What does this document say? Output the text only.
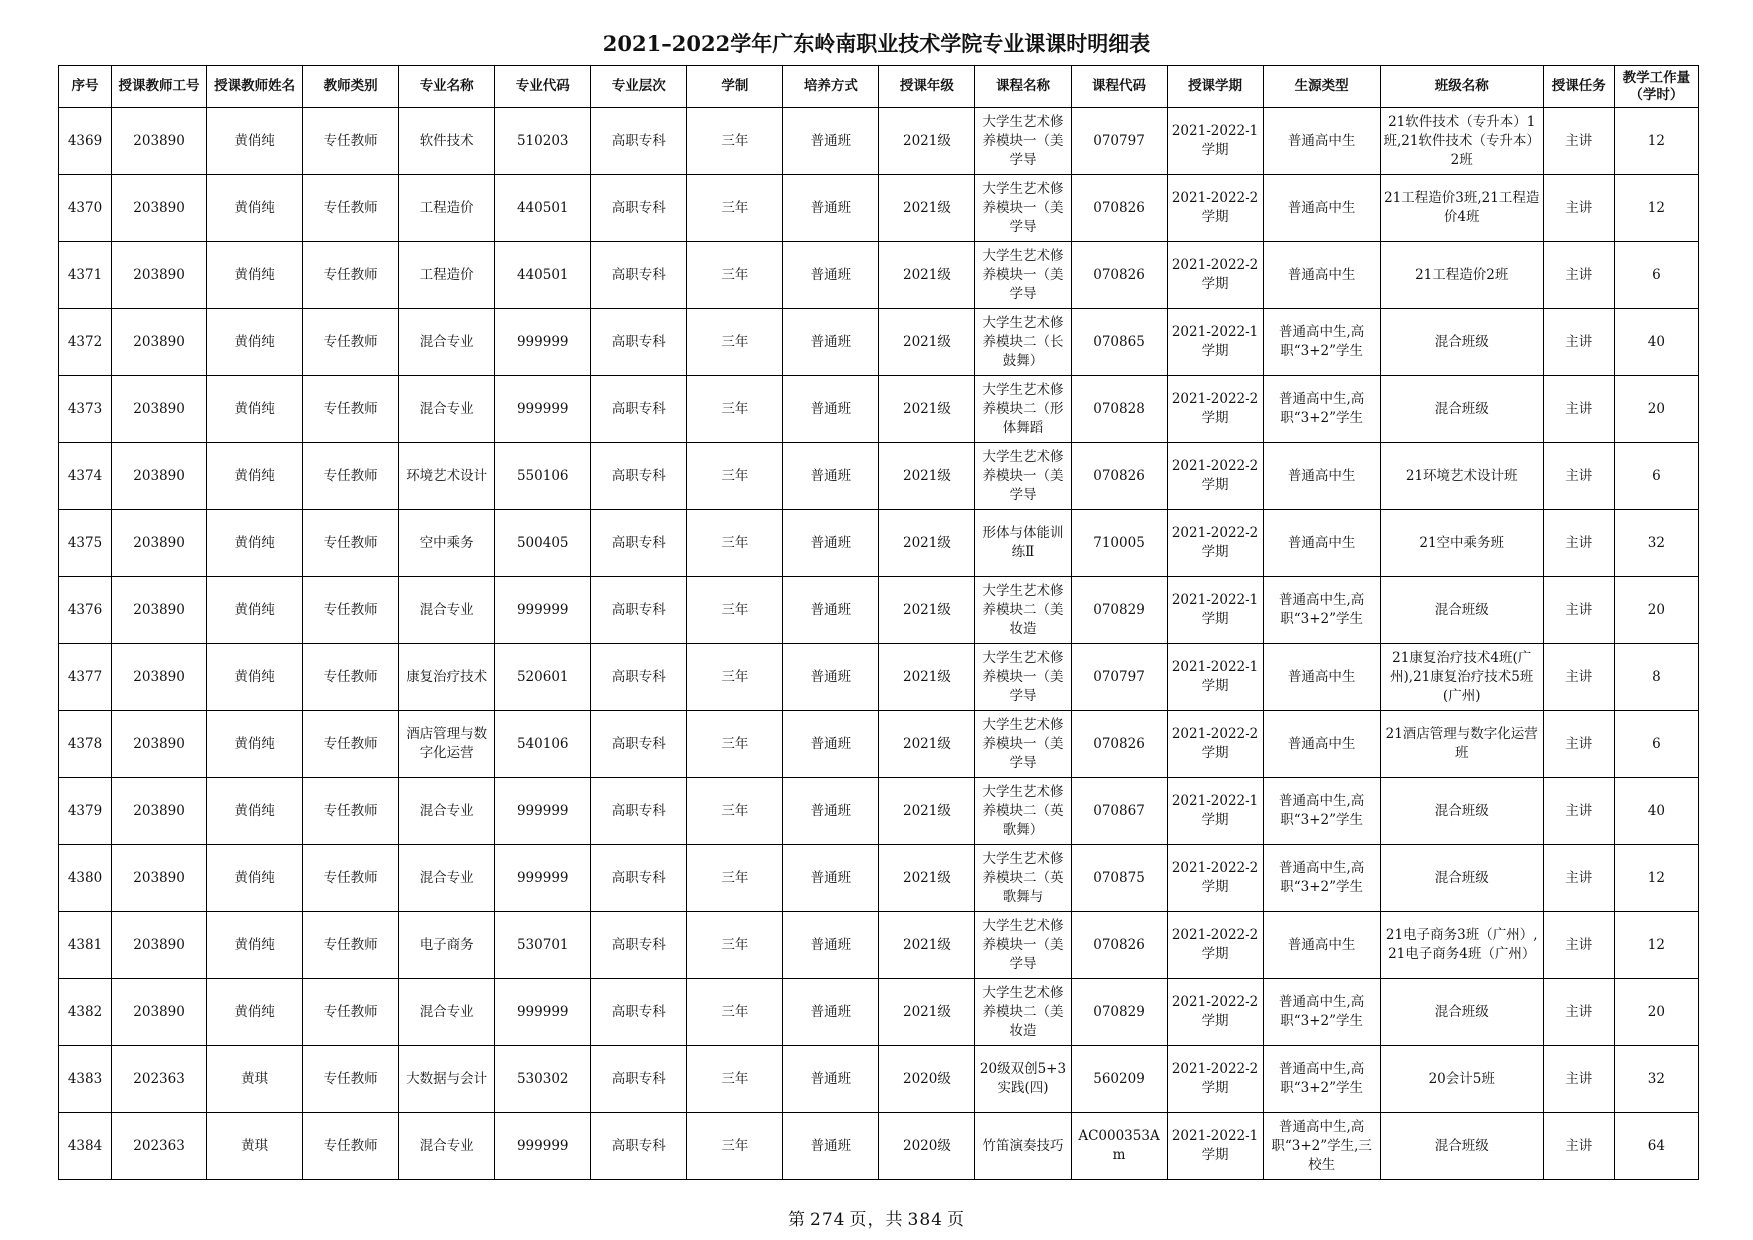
2021–2022学年广东岭南职业技术学院专业课课时明细表
序号	授课教师工号	授课教师姓名	教师类别	专业名称	专业代码	专业层次	学制	培养方式	授课年级	课程名称	课程代码	授课学期	生源类型	班级名称	授课任务	教学工作量（学时）
4369	203890	黄俏纯	专任教师	软件技术	510203	高职专科	三年	普通班	2021级	大学生艺术修养模块一（美学导	070797	2021-2022-1学期	普通高中生	21软件技术（专升本）1班,21软件技术（专升本）2班	主讲	12
4370	203890	黄俏纯	专任教师	工程造价	440501	高职专科	三年	普通班	2021级	大学生艺术修养模块一（美学导	070826	2021-2022-2学期	普通高中生	21工程造价3班,21工程造价4班	主讲	12
4371	203890	黄俏纯	专任教师	工程造价	440501	高职专科	三年	普通班	2021级	大学生艺术修养模块一（美学导	070826	2021-2022-2学期	普通高中生	21工程造价2班	主讲	6
4372	203890	黄俏纯	专任教师	混合专业	999999	高职专科	三年	普通班	2021级	大学生艺术修养模块二（长鼓舞）	070865	2021-2022-1学期	普通高中生,高职“3+2”学生	混合班级	主讲	40
4373	203890	黄俏纯	专任教师	混合专业	999999	高职专科	三年	普通班	2021级	大学生艺术修养模块二（形体舞蹈	070828	2021-2022-2学期	普通高中生,高职“3+2”学生	混合班级	主讲	20
4374	203890	黄俏纯	专任教师	环境艺术设计	550106	高职专科	三年	普通班	2021级	大学生艺术修养模块一（美学导	070826	2021-2022-2学期	普通高中生	21环境艺术设计班	主讲	6
4375	203890	黄俏纯	专任教师	空中乘务	500405	高职专科	三年	普通班	2021级	形体与体能训练Ⅱ	710005	2021-2022-2学期	普通高中生	21空中乘务班	主讲	32
4376	203890	黄俏纯	专任教师	混合专业	999999	高职专科	三年	普通班	2021级	大学生艺术修养模块二（美妆造	070829	2021-2022-1学期	普通高中生,高职“3+2”学生	混合班级	主讲	20
4377	203890	黄俏纯	专任教师	康复治疗技术	520601	高职专科	三年	普通班	2021级	大学生艺术修养模块一（美学导	070797	2021-2022-1学期	普通高中生	21康复治疗技术4班(广州),21康复治疗技术5班(广州)	主讲	8
4378	203890	黄俏纯	专任教师	酒店管理与数字化运营	540106	高职专科	三年	普通班	2021级	大学生艺术修养模块一（美学导	070826	2021-2022-2学期	普通高中生	21酒店管理与数字化运营班	主讲	6
4379	203890	黄俏纯	专任教师	混合专业	999999	高职专科	三年	普通班	2021级	大学生艺术修养模块二（英歌舞）	070867	2021-2022-1学期	普通高中生,高职“3+2”学生	混合班级	主讲	40
4380	203890	黄俏纯	专任教师	混合专业	999999	高职专科	三年	普通班	2021级	大学生艺术修养模块二（英歌舞与	070875	2021-2022-2学期	普通高中生,高职“3+2”学生	混合班级	主讲	12
4381	203890	黄俏纯	专任教师	电子商务	530701	高职专科	三年	普通班	2021级	大学生艺术修养模块一（美学导	070826	2021-2022-2学期	普通高中生	21电子商务3班（广州）,21电子商务4班（广州）	主讲	12
4382	203890	黄俏纯	专任教师	混合专业	999999	高职专科	三年	普通班	2021级	大学生艺术修养模块二（美妆造	070829	2021-2022-2学期	普通高中生,高职“3+2”学生	混合班级	主讲	20
4383	202363	黄琪	专任教师	大数据与会计	530302	高职专科	三年	普通班	2020级	20级双创5+3实践(四)	560209	2021-2022-2学期	普通高中生,高职“3+2”学生	20会计5班	主讲	32
4384	202363	黄琪	专任教师	混合专业	999999	高职专科	三年	普通班	2020级	竹笛演奏技巧	AC000353Am	2021-2022-1学期	普通高中生,高职“3+2”学生,三校生	混合班级	主讲	64
第 274 页，共 384 页
